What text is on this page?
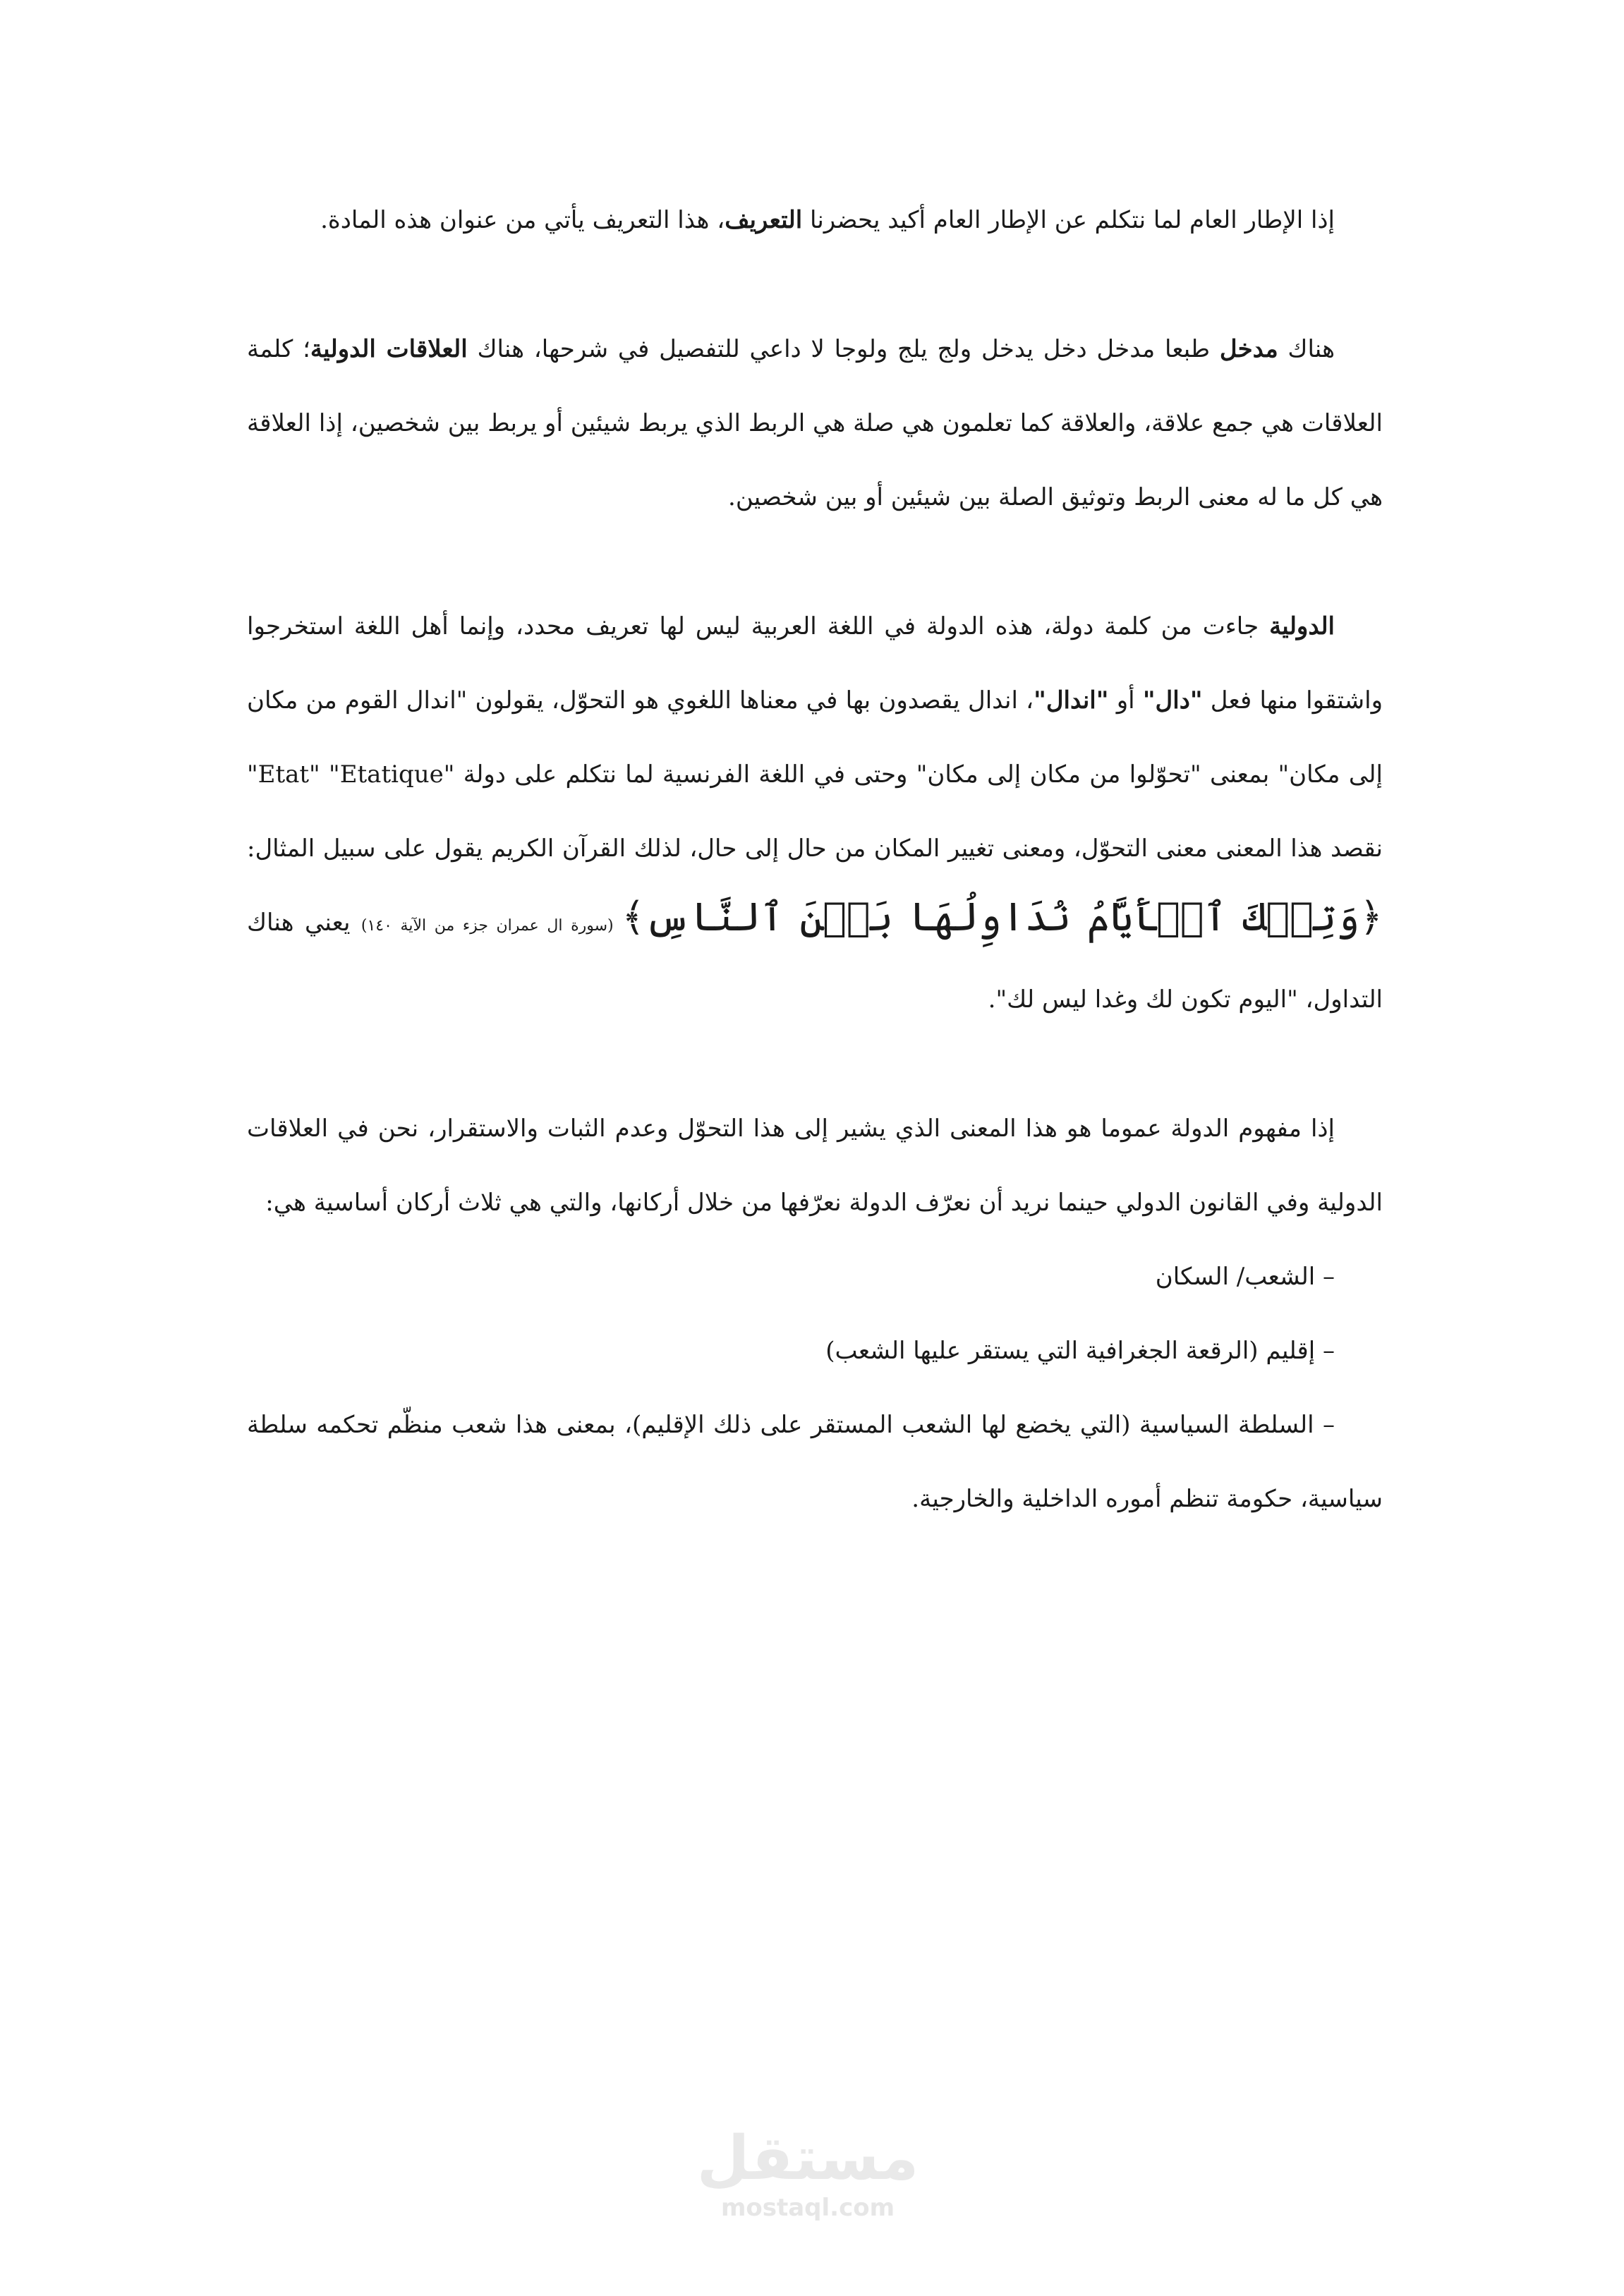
إذا الإطار العام لما نتكلم عن الإطار العام أكيد يحضرنا التعريف، هذا التعريف يأتي من عنوان هذه المادة.

هناك مدخل طبعا مدخل دخل يدخل ولج يلج ولوجا لا داعي للتفصيل في شرحها، هناك العلاقات الدولية؛ كلمة العلاقات هي جمع علاقة، والعلاقة كما تعلمون هي صلة هي الربط الذي يربط شيئين أو يربط بين شخصين، إذا العلاقة هي كل ما له معنى الربط وتوثيق الصلة بين شيئين أو بين شخصين.

الدولية جاءت من كلمة دولة، هذه الدولة في اللغة العربية ليس لها تعريف محدد، وإنما أهل اللغة استخرجوا واشتقوا منها فعل "دال" أو "اندال"، اندال يقصدون بها في معناها اللغوي هو التحوّل، يقولون "اندال القوم من مكان إلى مكان" بمعنى "تحوّلوا من مكان إلى مكان" وحتى في اللغة الفرنسية لما نتكلم على دولة "Etat" "Etatique" نقصد هذا المعنى معنى التحوّل، ومعنى تغيير المكان من حال إلى حال، لذلك القرآن الكريم يقول على سبيل المثال: ﴿وَتِلۡكَ ٱلۡأَيَّامُ نُدَاوِلُهَا بَيۡنَ ٱلنَّاسِ﴾ (سورة ال عمران جزء من الآية ١٤٠) يعني هناك التداول، "اليوم تكون لك وغدا ليس لك".

إذا مفهوم الدولة عموما هو هذا المعنى الذي يشير إلى هذا التحوّل وعدم الثبات والاستقرار، نحن في العلاقات الدولية وفي القانون الدولي حينما نريد أن نعرّف الدولة نعرّفها من خلال أركانها، والتي هي ثلاث أركان أساسية هي:

– الشعب/ السكان

– إقليم (الرقعة الجغرافية التي يستقر عليها الشعب)

– السلطة السياسية (التي يخضع لها الشعب المستقر على ذلك الإقليم)، بمعنى هذا شعب منظّم تحكمه سلطة سياسية، حكومة تنظم أموره الداخلية والخارجية.

مستقل
mostaql.com
